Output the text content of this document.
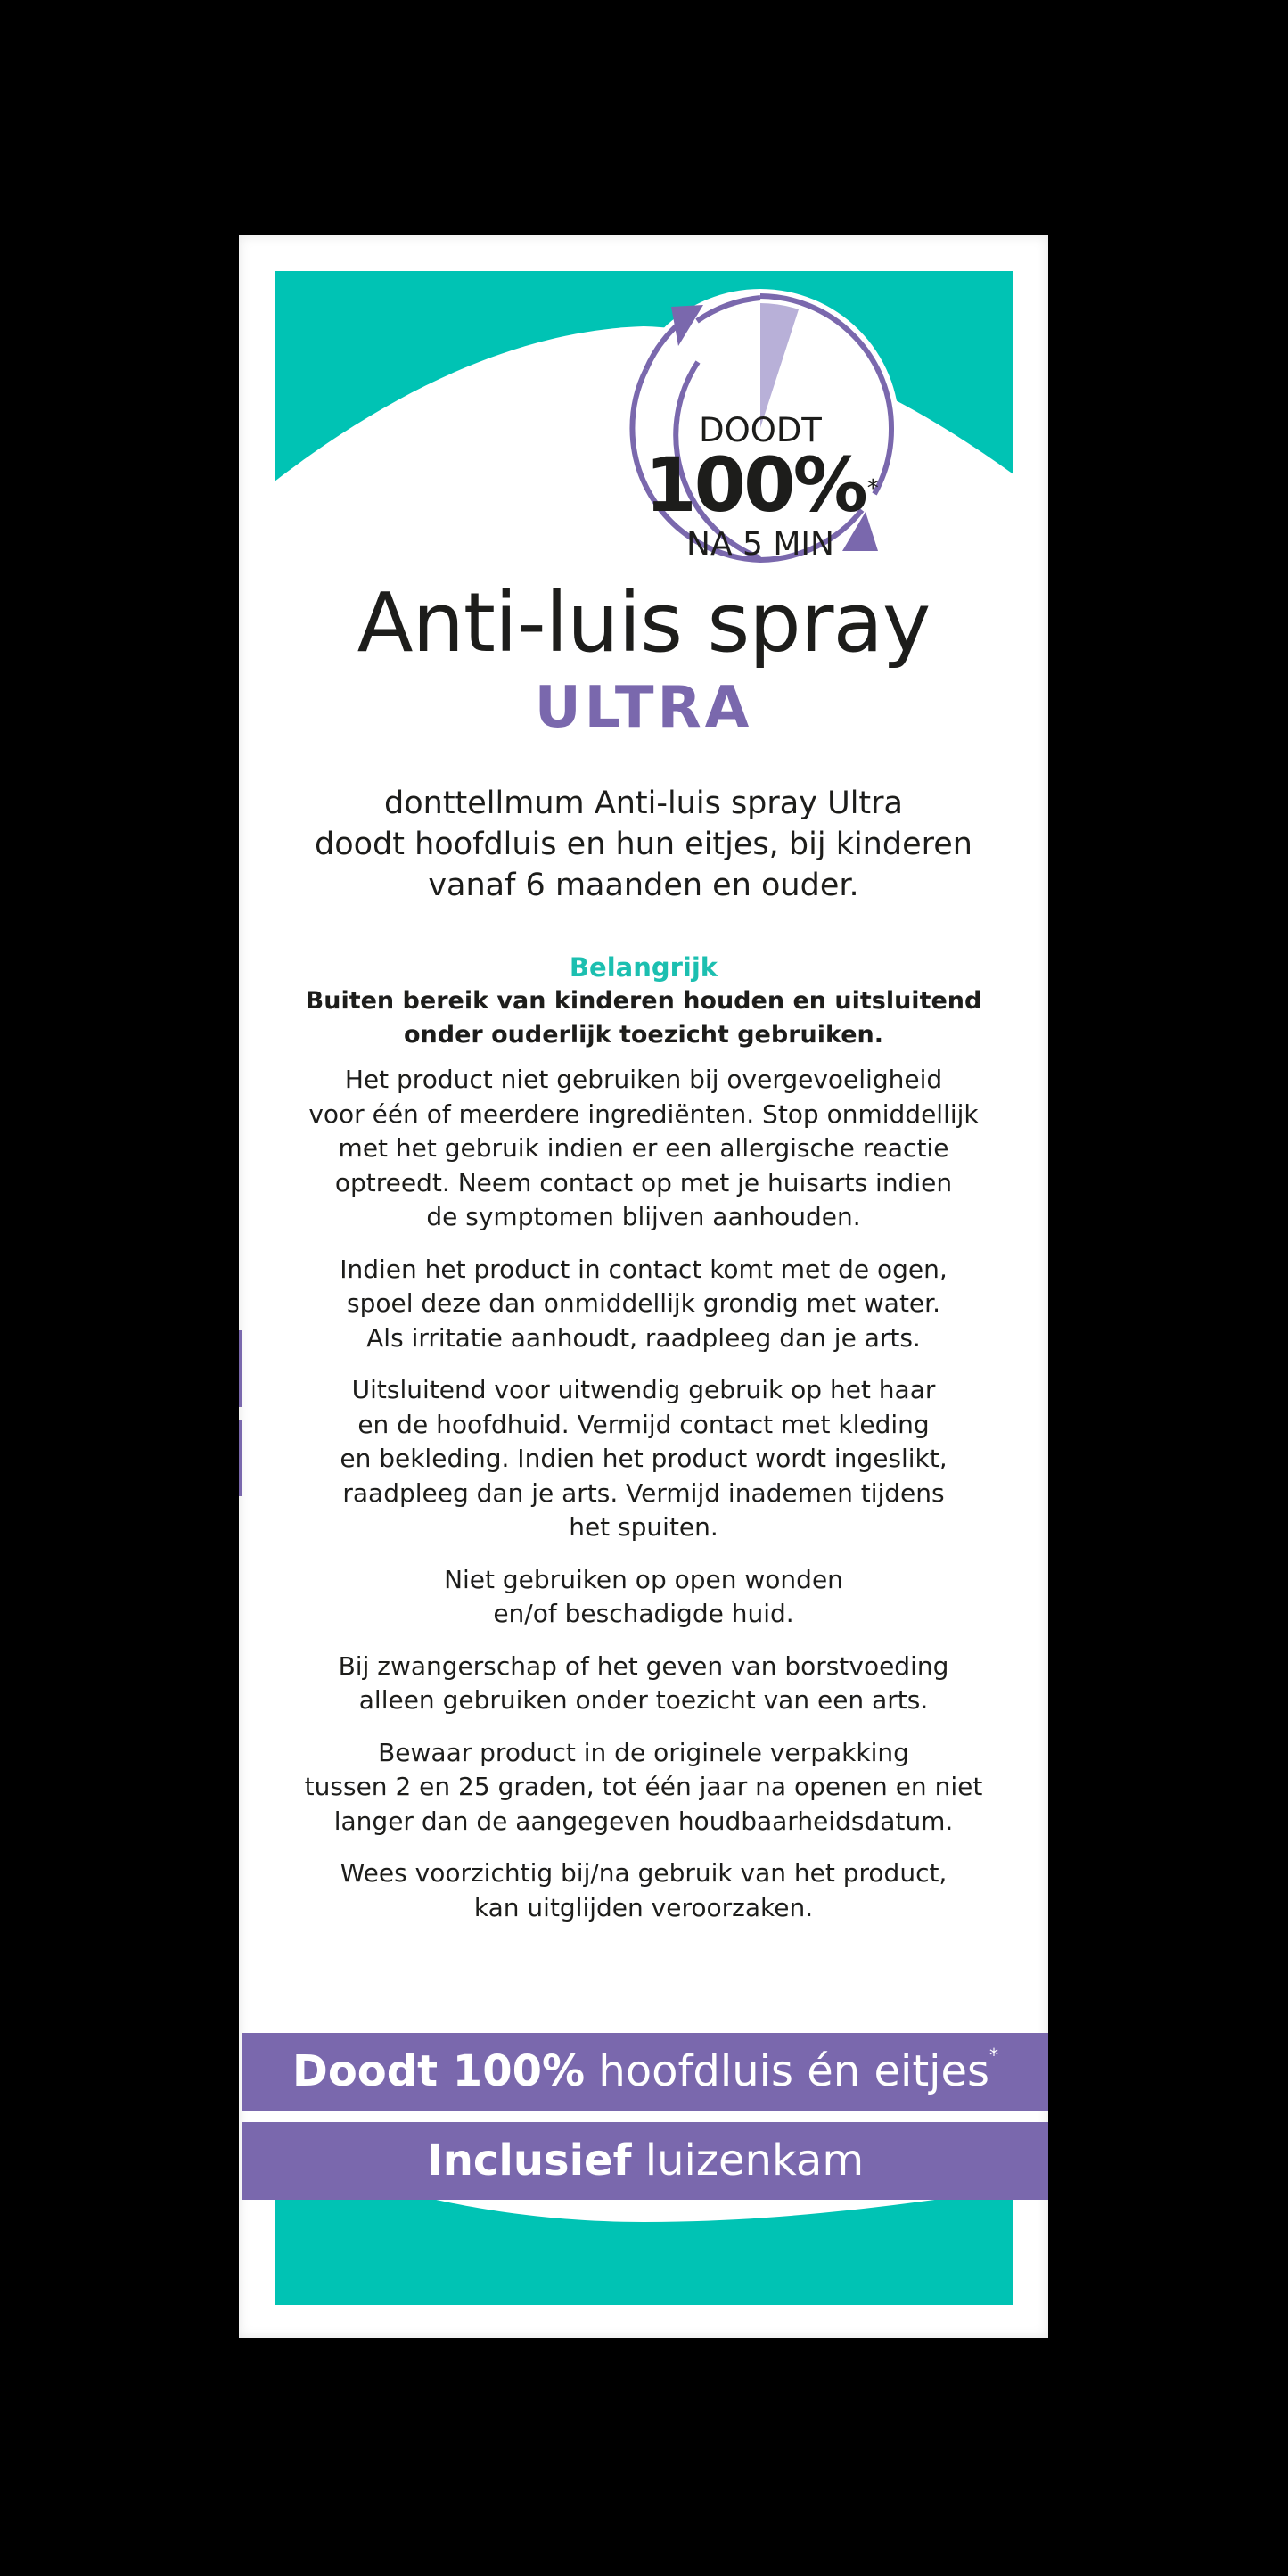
DOODT
100%*
NA 5 MIN
Anti-luis spray
ULTRA
donttellmum Anti-luis spray Ultra
doodt hoofdluis en hun eitjes, bij kinderen
vanaf 6 maanden en ouder.
Belangrijk
Buiten bereik van kinderen houden en uitsluitend
onder ouderlijk toezicht gebruiken.
Het product niet gebruiken bij overgevoeligheid
voor één of meerdere ingrediënten. Stop onmiddellijk
met het gebruik indien er een allergische reactie
optreedt. Neem contact op met je huisarts indien
de symptomen blijven aanhouden.
Indien het product in contact komt met de ogen,
spoel deze dan onmiddellijk grondig met water.
Als irritatie aanhoudt, raadpleeg dan je arts.
Uitsluitend voor uitwendig gebruik op het haar
en de hoofdhuid. Vermijd contact met kleding
en bekleding. Indien het product wordt ingeslikt,
raadpleeg dan je arts. Vermijd inademen tijdens
het spuiten.
Niet gebruiken op open wonden
en/of beschadigde huid.
Bij zwangerschap of het geven van borstvoeding
alleen gebruiken onder toezicht van een arts.
Bewaar product in de originele verpakking
tussen 2 en 25 graden, tot één jaar na openen en niet
langer dan de aangegeven houdbaarheidsdatum.
Wees voorzichtig bij/na gebruik van het product,
kan uitglijden veroorzaken.
Doodt 100% hoofdluis én eitjes*
Inclusief luizenkam
